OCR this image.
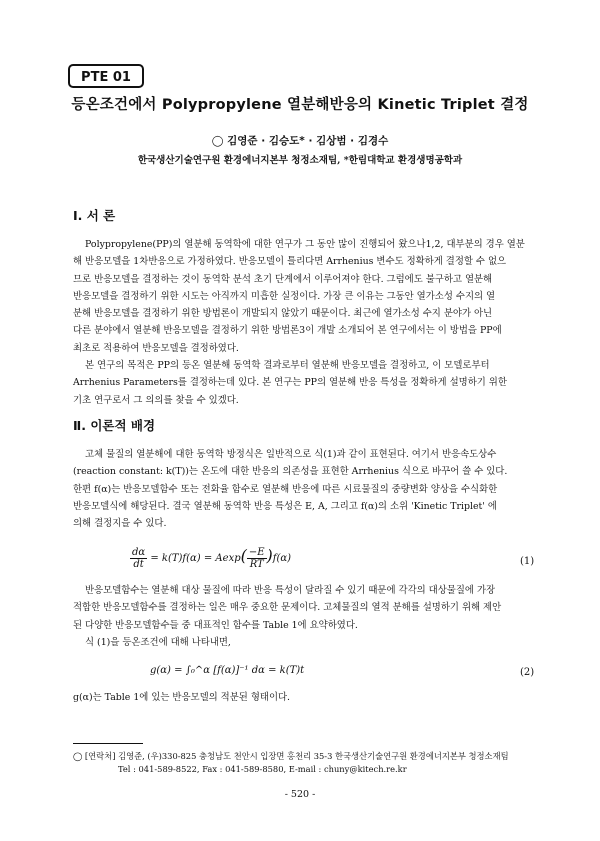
PTE 01
등온조건에서 Polypropylene 열분해반응의 Kinetic Triplet 결정
◯ 김영준 · 김승도* · 김상범 · 김경수
한국생산기술연구원 환경에너지본부 청정소재팀, *한림대학교 환경생명공학과
Ⅰ. 서 론
Polypropylene(PP)의 열분해 동역학에 대한 연구가 그 동안 많이 진행되어 왔으나1,2, 대부분의 경우 열분
해 반응모델을 1차반응으로 가정하였다. 반응모델이 틀리다면 Arrhenius 변수도 정확하게 결정할 수 없으
므로 반응모델을 결정하는 것이 동역학 분석 초기 단계에서 이루어져야 한다. 그럼에도 불구하고 열분해
반응모델을 결정하기 위한 시도는 아직까지 미흡한 실정이다. 가장 큰 이유는 그동안 열가소성 수지의 열
분해 반응모델을 결정하기 위한 방법론이 개발되지 않았기 때문이다. 최근에 열가소성 수지 분야가 아닌
다른 분야에서 열분해 반응모델을 결정하기 위한 방법론3이 개발 소개되어 본 연구에서는 이 방법을 PP에
최초로 적용하여 반응모델을 결정하였다.
본 연구의 목적은 PP의 등온 열분해 동역학 결과로부터 열분해 반응모델을 결정하고, 이 모델로부터
Arrhenius Parameters를 결정하는데 있다. 본 연구는 PP의 열분해 반응 특성을 정확하게 설명하기 위한
기초 연구로서 그 의의를 찾을 수 있겠다.
Ⅱ. 이론적 배경
고체 물질의 열분해에 대한 동역학 방정식은 일반적으로 식(1)과 같이 표현된다. 여기서 반응속도상수
(reaction constant: k(T))는 온도에 대한 반응의 의존성을 표현한 Arrhenius 식으로 바꾸어 쓸 수 있다.
한편 f(α)는 반응모델함수 또는 전화율 함수로 열분해 반응에 따른 시료물질의 중량변화 양상을 수식화한
반응모델식에 해당된다. 결국 열분해 동역학 반응 특성은 E, A, 그리고 f(α)의 소위 'Kinetic Triplet' 에
의해 결정지을 수 있다.
$\frac{d\alpha}{dt} = k(T)f(\alpha) = Aexp( \frac{-E}{RT} )f(\alpha)$	(1)
반응모델함수는 열분해 대상 물질에 따라 반응 특성이 달라질 수 있기 때문에 각각의 대상물질에 가장
적합한 반응모델함수를 결정하는 일은 매우 중요한 문제이다. 고체물질의 열적 분해를 설명하기 위해 제안
된 다양한 반응모델함수들 중 대표적인 함수를 Table 1에 요약하였다.
식 (1)을 등온조건에 대해 나타내면,
g(α) = ∫₀^α [f(α)]⁻¹ dα = k(T)t	(2)
g(α)는 Table 1에 있는 반응모델의 적분된 형태이다.
◯ [연락처] 김영준, (우)330-825 충청남도 천안시 입장면 홍천리 35-3 한국생산기술연구원 환경에너지본부 청정소재팀
Tel : 041-589-8522, Fax : 041-589-8580, E-mail : chuny@kitech.re.kr
- 520 -
